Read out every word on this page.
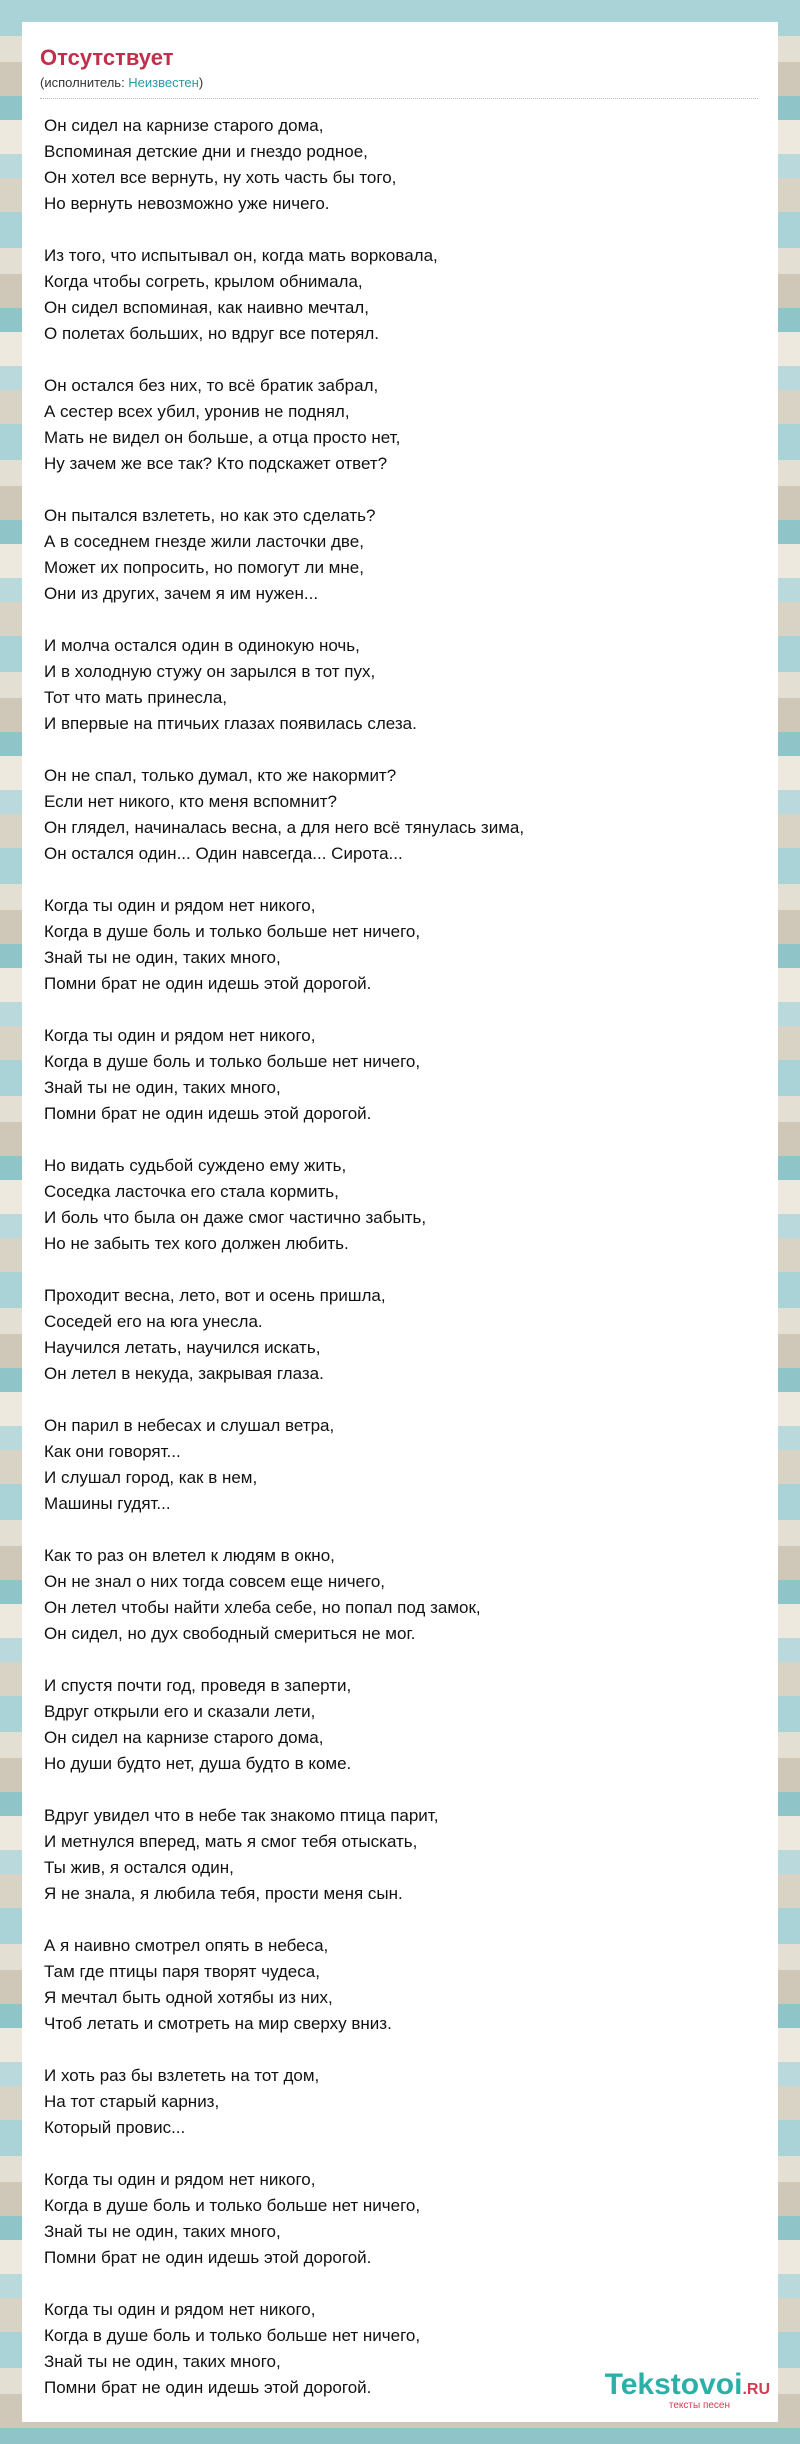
Отсутствует
(исполнитель: Неизвестен)
Он сидел на карнизе старого дома,
Вспоминая детские дни и гнездо родное,
Он хотел все вернуть, ну хоть часть бы того,
Но вернуть невозможно уже ничего.
Из того, что испытывал он, когда мать ворковала,
Когда чтобы согреть, крылом обнимала,
Он сидел вспоминая, как наивно мечтал,
О полетах больших, но вдруг все потерял.
Он остался без них, то всё братик забрал,
А сестер всех убил, уронив не поднял,
Мать не видел он больше, а отца просто нет,
Ну зачем же все так? Кто подскажет ответ?
Он пытался взлететь, но как это сделать?
А в соседнем гнезде жили ласточки две,
Может их попросить, но помогут ли мне,
Они из других, зачем я им нужен...
И молча остался один в одинокую ночь,
И в холодную стужу он зарылся в тот пух,
Тот что мать принесла,
И впервые на птичьих глазах появилась слеза.
Он не спал, только думал, кто же накормит?
Если нет никого, кто меня вспомнит?
Он глядел, начиналась весна, а для него всё тянулась зима,
Он остался один... Один навсегда... Сирота...
Когда ты один и рядом нет никого,
Когда в душе боль и только больше нет ничего,
Знай ты не один, таких много,
Помни брат не один идешь этой дорогой.
Когда ты один и рядом нет никого,
Когда в душе боль и только больше нет ничего,
Знай ты не один, таких много,
Помни брат не один идешь этой дорогой.
Но видать судьбой суждено ему жить,
Соседка ласточка его стала кормить,
И боль что была он даже смог частично забыть,
Но не забыть тех кого должен любить.
Проходит весна, лето, вот и осень пришла,
Соседей его на юга унесла.
Научился летать, научился искать,
Он летел в некуда, закрывая глаза.
Он парил в небесах и слушал ветра,
Как они говорят...
И слушал город, как в нем,
Машины гудят...
Как то раз он влетел к людям в окно,
Он не знал о них тогда совсем еще ничего,
Он летел чтобы найти хлеба себе, но попал под замок,
Он сидел, но дух свободный смериться не мог.
И спустя почти год, проведя в заперти,
Вдруг открыли его и сказали лети,
Он сидел на карнизе старого дома,
Но души будто нет, душа будто в коме.
Вдруг увидел что в небе так знакомо птица парит,
И метнулся вперед, мать я смог тебя отыскать,
Ты жив, я остался один,
Я не знала, я любила тебя, прости меня сын.
А я наивно смотрел опять в небеса,
Там где птицы паря творят чудеса,
Я мечтал быть одной хотябы из них,
Чтоб летать и смотреть на мир сверху вниз.
И хоть раз бы взлететь на тот дом,
На тот старый карниз,
Который провис...
Когда ты один и рядом нет никого,
Когда в душе боль и только больше нет ничего,
Знай ты не один, таких много,
Помни брат не один идешь этой дорогой.
Когда ты один и рядом нет никого,
Когда в душе боль и только больше нет ничего,
Знай ты не один, таких много,
Помни брат не один идешь этой дорогой.	Tekstovoi.RU
тексты песен
